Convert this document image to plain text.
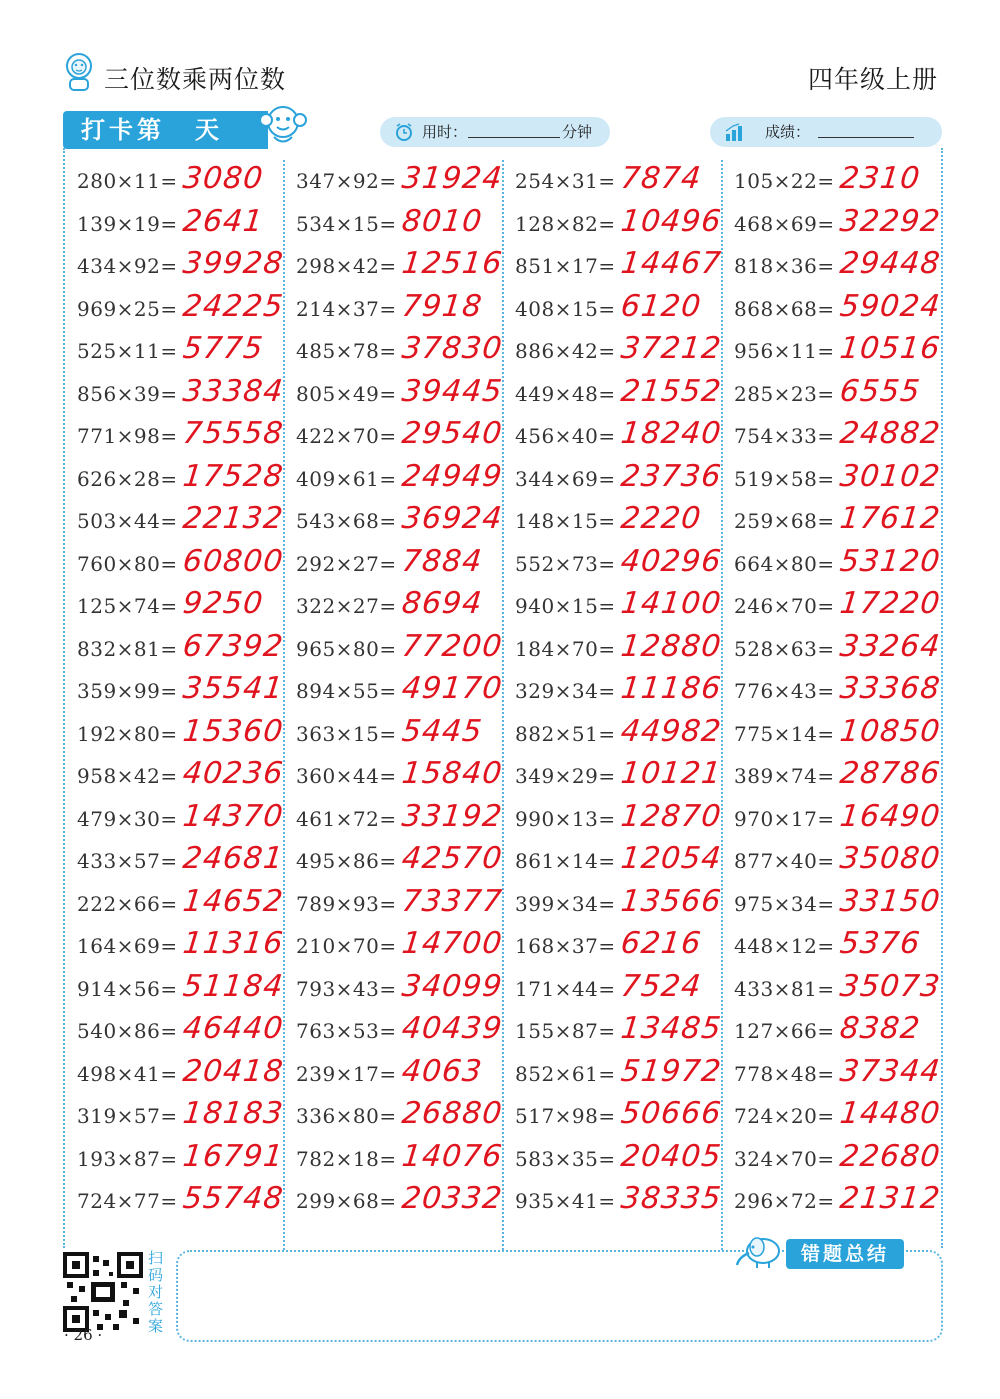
三位数乘两位数	四年级上册
打卡第 天	用时：	分钟	成绩：
280×11= 3080
139×19= 2641
434×92= 39928
969×25= 24225
525×11= 5775
856×39= 33384
771×98= 75558
626×28= 17528
503×44= 22132
760×80= 60800
125×74= 9250
832×81= 67392
359×99= 35541
192×80= 15360
958×42= 40236
479×30= 14370
433×57= 24681
222×66= 14652
164×69= 11316
914×56= 51184
540×86= 46440
498×41= 20418
319×57= 18183
193×87= 16791
724×77= 55748
347×92= 31924
534×15= 8010
298×42= 12516
214×37= 7918
485×78= 37830
805×49= 39445
422×70= 29540
409×61= 24949
543×68= 36924
292×27= 7884
322×27= 8694
965×80= 77200
894×55= 49170
363×15= 5445
360×44= 15840
461×72= 33192
495×86= 42570
789×93= 73377
210×70= 14700
793×43= 34099
763×53= 40439
239×17= 4063
336×80= 26880
782×18= 14076
299×68= 20332
254×31= 7874
128×82= 10496
851×17= 14467
408×15= 6120
886×42= 37212
449×48= 21552
456×40= 18240
344×69= 23736
148×15= 2220
552×73= 40296
940×15= 14100
184×70= 12880
329×34= 11186
882×51= 44982
349×29= 10121
990×13= 12870
861×14= 12054
399×34= 13566
168×37= 6216
171×44= 7524
155×87= 13485
852×61= 51972
517×98= 50666
583×35= 20405
935×41= 38335
105×22= 2310
468×69= 32292
818×36= 29448
868×68= 59024
956×11= 10516
285×23= 6555
754×33= 24882
519×58= 30102
259×68= 17612
664×80= 53120
246×70= 17220
528×63= 33264
776×43= 33368
775×14= 10850
389×74= 28786
970×17= 16490
877×40= 35080
975×34= 33150
448×12= 5376
433×81= 35073
127×66= 8382
778×48= 37344
724×20= 14480
324×70= 22680
296×72= 21312
扫码对答案
· 26 ·
错题总结
